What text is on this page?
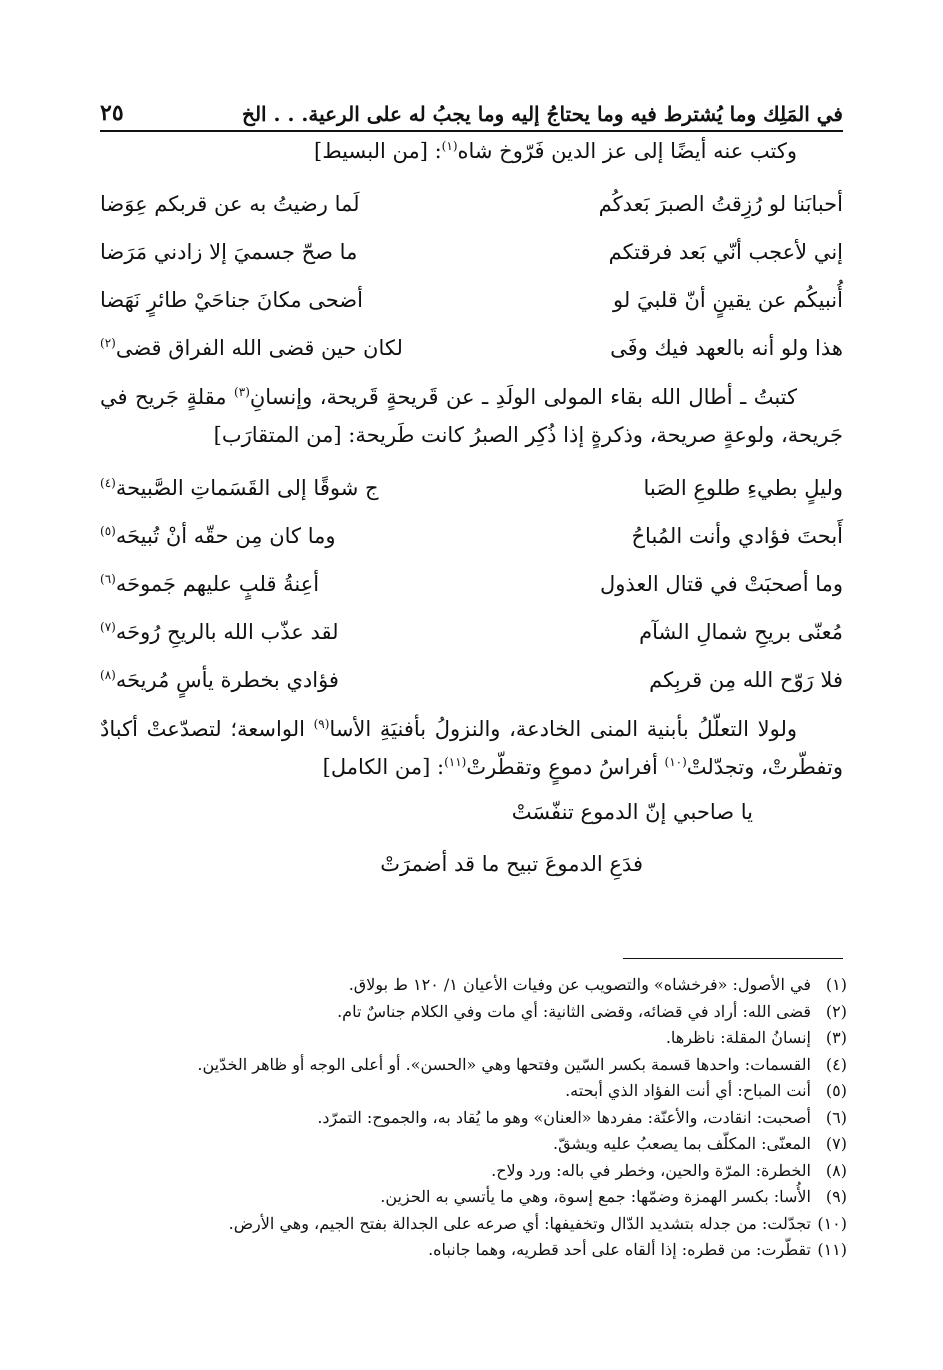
في المَلِك وما يُشترط فيه وما يحتاجُ إليه وما يجبُ له على الرعية. . . الخ
٢٥

وكتب عنه أيضًا إلى عز الدين فَرّوخ شاه$^{(١)}$: [من البسيط]

أحبابَنا لو رُزِقتُ الصبرَ بَعدكُم
لَما رضيتُ به عن قربكم عِوَضا
إني لأعجب أنّي بَعد فرقتكم
ما صحّ جسميَ إلا زادني مَرَضا
أُنبيكُم عن يقينٍ أنّ قلبيَ لو
أضحى مكانَ جناحَيْ طائرٍ نَهَضا
هذا ولو أنه بالعهد فيك وفَى
لكان حين قضى الله الفراق قضى$^{(٢)}$

كتبتُ ـ أطال الله بقاء المولى الولَدِ ـ عن قَريحةٍ قَريحة، وإنسانِ$^{(٣)}$ مقلةٍ جَريح في جَريحة، ولوعةٍ صريحة، وذكرةٍ إذا ذُكِر الصبرُ كانت طَريحة: [من المتقارَب]

وليلٍ بطيءِ طلوعِ الصَبا
ج شوقًا إلى القَسَماتِ الصَّبيحة$^{(٤)}$
أَبحتَ فؤادي وأنت المُباحُ
وما كان مِن حقّه أنْ تُبيحَه$^{(٥)}$
وما أصحبَتْ في قتال العذول
أعِنةُ قلبٍ عليهم جَموحَه$^{(٦)}$
مُعنّى بريحِ شمالِ الشآم
لقد عذّب الله بالريحِ رُوحَه$^{(٧)}$
فلا رَوّح الله مِن قربِكم
فؤادي بخطرة يأسٍ مُريحَه$^{(٨)}$

ولولا التعلّلُ بأبنية المنى الخادعة، والنزولُ بأفنيَةِ الأسا$^{(٩)}$ الواسعة؛ لتصدّعتْ أكبادٌ وتفطّرتْ، وتجدّلتْ$^{(١٠)}$ أفراسُ دموعٍ وتقطّرتْ$^{(١١)}$: [من الكامل]

يا صاحبي إنّ الدموع تنفّسَتْ
فدَعِ الدموعَ تبيح ما قد أضمرَتْ
(١)
في الأصول: «فرخشاه» والتصويب عن وفيات الأعيان ١/ ١٢٠ ط بولاق.
(٢)
قضى الله: أراد في قضائه، وقضى الثانية: أي مات وفي الكلام جناسٌ تام.
(٣)
إنسانُ المقلة: ناظرها.
(٤)
القسمات: واحدها قسمة بكسر السّين وفتحها وهي «الحسن». أو أعلى الوجه أو ظاهر الخدّين.
(٥)
أنت المباح: أي أنت الفؤاد الذي أبحته.
(٦)
أصحبت: انقادت، والأعنّة: مفردها «العنان» وهو ما يُقاد به، والجموح: التمرّد.
(٧)
المعنّى: المكلّف بما يصعبُ عليه ويشقّ.
(٨)
الخطرة: المرّة والحين، وخطر في باله: ورد ولاح.
(٩)
الأُسا: بكسر الهمزة وضمّها: جمع إسوة، وهي ما يأتسي به الحزين.
(١٠)
تجدّلت: من جدله بتشديد الدّال وتخفيفها: أي صرعه على الجدالة بفتح الجيم، وهي الأرض.
(١١)
تقطّرت: من قطره: إذا ألقاه على أحد قطريه، وهما جانباه.
